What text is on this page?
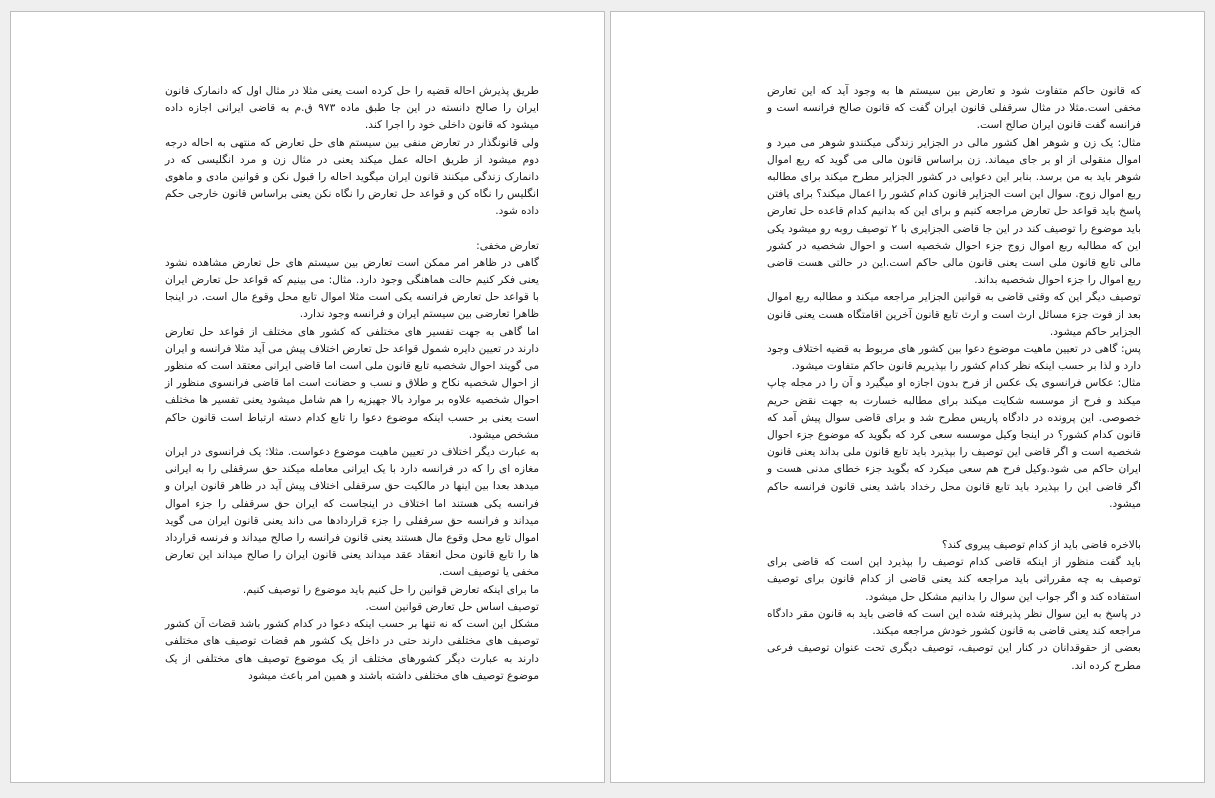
طریق پذیرش احاله قضیه را حل کرده است یعنی مثلا در مثال اول که دانمارک قانون ایران را صالح دانسته در این جا طبق ماده ۹۷۳ ق.م به قاضی ایرانی اجازه داده میشود که قانون داخلی خود را اجرا کند.

ولی قانونگذار در تعارض منفی بین سیستم های حل تعارض که منتهی به احاله درجه دوم میشود از طریق احاله عمل میکند یعنی در مثال زن و مرد انگلیسی که در دانمارک زندگی میکنند قانون ایران میگوید احاله را قبول نکن و قوانین مادی و ماهوی انگلیس را نگاه کن و قواعد حل تعارض را نگاه نکن یعنی براساس قانون خارجی حکم داده شود.

تعارض مخفی:

گاهی در ظاهر امر ممکن است تعارض بین سیستم های حل تعارض مشاهده نشود یعنی فکر کنیم حالت هماهنگی وجود دارد. مثال: می بینیم که قواعد حل تعارض ایران با قواعد حل تعارض فرانسه یکی است مثلا اموال تابع محل وقوع مال است. در اینجا ظاهرا تعارضی بین سیستم ایران و فرانسه وجود ندارد.

اما گاهی به جهت تفسیر های مختلفی که کشور های مختلف از قواعد حل تعارض دارند در تعیین دایره شمول قواعد حل تعارض اختلاف پیش می آید مثلا فرانسه و ایران می گویند احوال شخصیه تابع قانون ملی است اما قاضی ایرانی معتقد است که منظور از احوال شخصیه نکاح و طلاق و نسب و حضانت است اما قاضی فرانسوی منظور از احوال شخصیه علاوه بر موارد بالا جهیزیه را هم شامل میشود یعنی تفسیر ها مختلف است یعنی بر حسب اینکه موضوع دعوا را تابع کدام دسته ارتباط است قانون حاکم مشخص میشود.

به عبارت دیگر اختلاف در تعیین ماهیت موضوع دعواست. مثلا: یک فرانسوی در ایران مغازه ای را که در فرانسه دارد با یک ایرانی معامله میکند حق سرقفلی را به ایرانی میدهد بعدا بین اینها در مالکیت حق سرقفلی اختلاف پیش آید در ظاهر قانون ایران و فرانسه یکی هستند اما اختلاف در اینجاست که ایران حق سرقفلی را جزء اموال میداند و فرانسه حق سرقفلی را جزء قراردادها می داند یعنی قانون ایران می گوید اموال تابع محل وقوع مال هستند یعنی قانون فرانسه را صالح میداند و فرنسه قرارداد ها را تابع قانون محل انعقاد عقد میداند یعنی قانون ایران را صالح میداند این تعارض مخفی یا توصیف است.

ما برای اینکه تعارض قوانین را حل کنیم باید موضوع را توصیف کنیم.

توصیف اساس حل تعارض قوانین است.

مشکل این است که نه تنها بر حسب اینکه دعوا در کدام کشور باشد قضات آن کشور توصیف های مختلفی دارند حتی در داخل یک کشور هم قضات توصیف های مختلفی دارند به عبارت دیگر کشورهای مختلف از یک موضوع توصیف های مختلفی از یک موضوع توصیف های مختلفی داشته باشند و همین امر باعث میشود

که قانون حاکم متفاوت شود و تعارض بین سیستم ها به وجود آید که این تعارض مخفی است.مثلا در مثال سرقفلی قانون ایران گفت که قانون صالح فرانسه است و فرانسه گفت قانون ایران صالح است.

مثال: یک زن و شوهر اهل کشور مالی در الجزایر زندگی میکنندو شوهر می میرد و اموال منقولی از او بر جای میماند. زن براساس قانون مالی می گوید که ربع اموال شوهر باید به من برسد. بنابر این دعوایی در کشور الجزایر مطرح میکند برای مطالبه ربع اموال زوج. سوال این است الجزایر قانون کدام کشور را اعمال میکند؟ برای یافتن پاسخ باید قواعد حل تعارض مراجعه کنیم و برای این که بدانیم کدام قاعده حل تعارض باید موضوع را توصیف کند در این جا قاضی الجزایری با ۲ توصیف روبه رو میشود یکی این که مطالبه ربع اموال زوج جزء احوال شخصیه است و احوال شخصیه در کشور مالی تابع قانون ملی است یعنی قانون مالی حاکم است.این در حالتی هست قاضی ربع اموال را جزء احوال شخصیه بداند.

توصیف دیگر این که وقتی قاضی به قوانین الجزایر مراجعه میکند و مطالبه ربع اموال بعد از فوت جزء مسائل ارث است و ارث تابع قانون آخرین اقامتگاه هست یعنی قانون الجزایر حاکم میشود.

پس: گاهی در تعیین ماهیت موضوع دعوا بین کشور های مربوط به قضیه اختلاف وجود دارد و لذا بر حسب اینکه نظر کدام کشور را بپذیریم قانون حاکم متفاوت میشود.

مثال: عکاس فرانسوی یک عکس از فرح بدون اجازه او میگیرد و آن را در مجله چاپ میکند و فرح از موسسه شکایت میکند برای مطالبه خسارت به جهت نقض حریم خصوصی. این پرونده در دادگاه پاریس مطرح شد و برای قاضی سوال پیش آمد که قانون کدام کشور؟ در اینجا وکیل موسسه سعی کرد که بگوید که موضوع جزء احوال شخصیه است و اگر قاضی این توصیف را بپذیرد باید تابع قانون ملی بداند یعنی قانون ایران حاکم می شود.وکیل فرح هم سعی میکرد که بگوید جزء خطای مدنی هست و اگر قاضی این را بپذیرد باید تابع قانون محل رخداد باشد یعنی قانون فرانسه حاکم میشود.

بالاخره قاضی باید از کدام توصیف پیروی کند؟

باید گفت منظور از اینکه قاضی کدام توصیف را بپذیرد این است که قاضی برای توصیف به چه مقرراتی باید مراجعه کند یعنی قاضی از کدام قانون برای توصیف استفاده کند و اگر جواب این سوال را بدانیم مشکل حل میشود.

در پاسخ به این سوال نظر پذیرفته شده این است که قاضی باید به قانون مقر دادگاه مراجعه کند یعنی قاضی به قانون کشور خودش مراجعه میکند.

بعضی از حقوقدانان در کنار این توصیف، توصیف دیگری تحت عنوان توصیف فرعی مطرح کرده اند.
